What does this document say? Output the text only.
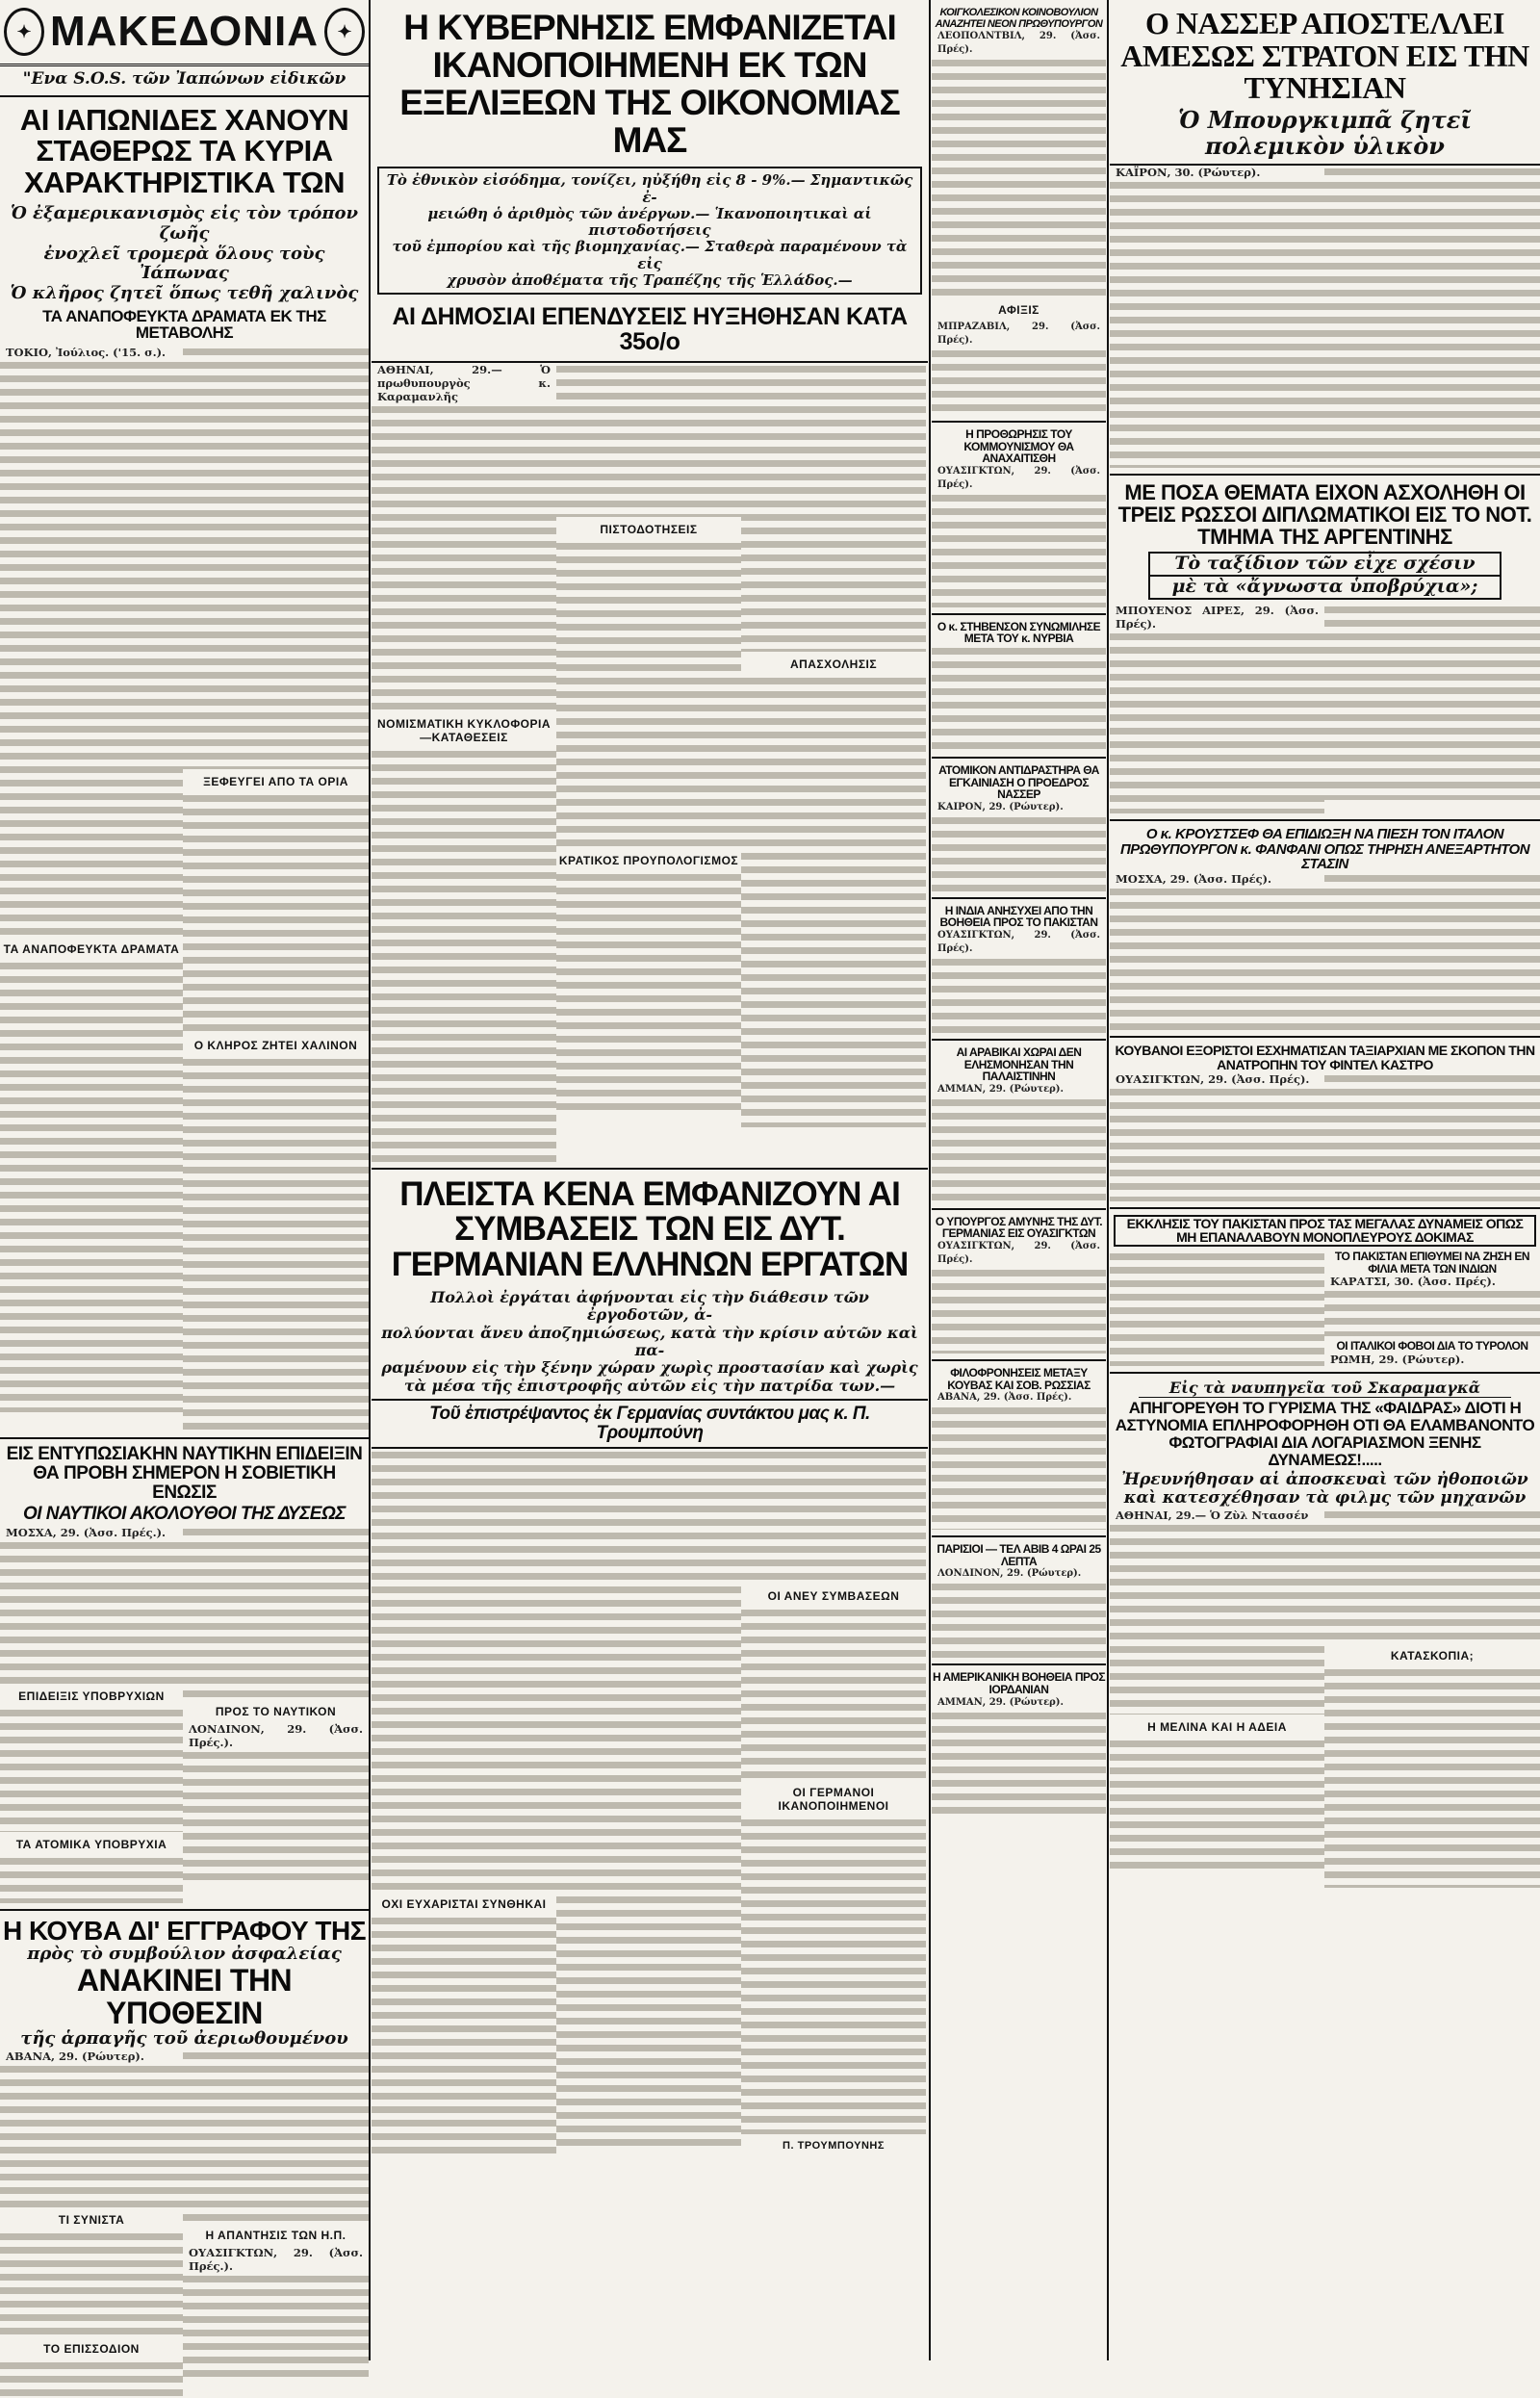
✦ ΜΑΚΕΔΟΝΙΑ	✦
"Ενα S.O.S. τῶν Ἰαπώνων εἰδικῶν
ΑΙ ΙΑΠΩΝΙΔΕΣ ΧΑΝΟΥΝ ΣΤΑΘΕΡΩΣ ΤΑ ΚΥΡΙΑ ΧΑΡΑΚΤΗΡΙΣΤΙΚΑ ΤΩΝ
Ὁ ἐξαμερικανισμὸς εἰς τὸν τρόπον ζωῆς
ἐνοχλεῖ τρομερὰ ὅλους τοὺς Ἰάπωνας
Ὁ κλῆρος ζητεῖ ὅπως τεθῆ χαλινὸς
ΤΑ ΑΝΑΠΟΦΕΥΚΤΑ ΔΡΑΜΑΤΑ ΕΚ ΤΗΣ ΜΕΤΑΒΟΛΗΣ
ΤΟΚΙΟ, Ἰούλιος. ('15. σ.).
ΤΑ ΑΝΑΠΟΦΕΥΚΤΑ ΔΡΑΜΑΤΑ
ΞΕΦΕΥΓΕΙ ΑΠΟ ΤΑ ΟΡΙΑ
Ο ΚΛΗΡΟΣ ΖΗΤΕΙ ΧΑΛΙΝΟΝ
ΕΙΣ ΕΝΤΥΠΩΣΙΑΚΗΝ ΝΑΥΤΙΚΗΝ ΕΠΙΔΕΙΞΙΝ ΘΑ ΠΡΟΒΗ ΣΗΜΕΡΟΝ Η ΣΟΒΙΕΤΙΚΗ ΕΝΩΣΙΣ
ΟΙ ΝΑΥΤΙΚΟΙ ΑΚΟΛΟΥΘΟΙ ΤΗΣ ΔΥΣΕΩΣ
ΜΟΣΧΑ, 29. (Ἀσσ. Πρές.).
ΕΠΙΔΕΙΞΙΣ ΥΠΟΒΡΥΧΙΩΝ
ΤΑ ΑΤΟΜΙΚΑ ΥΠΟΒΡΥΧΙΑ
ΠΡΟΣ ΤΟ ΝΑΥΤΙΚΟΝ
ΛΟΝΔΙΝΟΝ, 29. (Ἀσσ. Πρές.).
Η ΚΟΥΒΑ ΔΙ' ΕΓΓΡΑΦΟΥ ΤΗΣ
πρὸς τὸ συμβούλιον ἀσφαλείας
ΑΝΑΚΙΝΕΙ ΤΗΝ ΥΠΟΘΕΣΙΝ
τῆς ἁρπαγῆς τοῦ ἀεριωθουμένου
ΑΒΑΝΑ, 29. (Ρώυτερ).
ΤΙ ΣΥΝΙΣΤΑ
ΤΟ ΕΠΙΣΣΟΔΙΟΝ
Η ΑΠΑΝΤΗΣΙΣ ΤΩΝ Η.Π.
ΟΥΑΣΙΓΚΤΩΝ, 29. (Ἀσσ. Πρές.).
Η ΚΥΒΕΡΝΗΣΙΣ ΕΜΦΑΝΙΖΕΤΑΙ ΙΚΑΝΟΠΟΙΗΜΕΝΗ ΕΚ ΤΩΝ ΕΞΕΛΙΞΕΩΝ ΤΗΣ ΟΙΚΟΝΟΜΙΑΣ ΜΑΣ
Τὸ ἐθνικὸν εἰσόδημα, τονίζει, ηὐξήθη εἰς 8 - 9%.— Σημαντικῶς ἐ-
μειώθη ὁ ἀριθμὸς τῶν ἀνέργων.— Ἱκανοποιητικαὶ αἱ πιστοδοτήσεις
τοῦ ἐμπορίου καὶ τῆς βιομηχανίας.— Σταθερὰ παραμένουν τὰ εἰς
χρυσὸν ἀποθέματα τῆς Τραπέζης τῆς Ἑλλάδος.—
ΑΙ ΔΗΜΟΣΙΑΙ ΕΠΕΝΔΥΣΕΙΣ ΗΥΞΗΘΗΣΑΝ ΚΑΤΑ 35ο/ο
ΑΘΗΝΑΙ, 29.— Ὁ πρωθυπουργὸς κ. Καραμανλῆς
ΝΟΜΙΣΜΑΤΙΚΗ ΚΥΚΛΟΦΟΡΙΑ—ΚΑΤΑΘΕΣΕΙΣ
ΠΙΣΤΟΔΟΤΗΣΕΙΣ
ΚΡΑΤΙΚΟΣ ΠΡΟΥΠΟΛΟΓΙΣΜΟΣ
ΑΠΑΣΧΟΛΗΣΙΣ
ΠΛΕΙΣΤΑ ΚΕΝΑ ΕΜΦΑΝΙΖΟΥΝ ΑΙ ΣΥΜΒΑΣΕΙΣ ΤΩΝ ΕΙΣ ΔΥΤ. ΓΕΡΜΑΝΙΑΝ ΕΛΛΗΝΩΝ ΕΡΓΑΤΩΝ
Πολλοὶ ἐργάται ἀφήνονται εἰς τὴν διάθεσιν τῶν ἐργοδοτῶν, ἀ-
πολύονται ἄνευ ἀποζημιώσεως, κατὰ τὴν κρίσιν αὐτῶν καὶ πα-
ραμένουν εἰς τὴν ξένην χώραν χωρὶς προστασίαν καὶ χωρὶς
τὰ μέσα τῆς ἐπιστροφῆς αὐτῶν εἰς τὴν πατρίδα των.—
Τοῦ ἐπιστρέψαντος ἐκ Γερμανίας συντάκτου μας κ. Π. Τρουμπούνη
ΟΧΙ ΕΥΧΑΡΙΣΤΑΙ ΣΥΝΘΗΚΑΙ
ΟΙ ΑΝΕΥ ΣΥΜΒΑΣΕΩΝ
ΟΙ ΓΕΡΜΑΝΟΙ ΙΚΑΝΟΠΟΙΗΜΕΝΟΙ
Π. ΤΡΟΥΜΠΟΥΝΗΣ
ΚΟΙΓΚΟΛΕΣΙΚΟΝ ΚΟΙΝΟΒΟΥΛΙΟΝ ΑΝΑΖΗΤΕΙ ΝΕΟΝ ΠΡΩΘΥΠΟΥΡΓΟΝ
ΛΕΟΠΟΛΝΤΒΙΛ, 29. (Ἀσσ. Πρές).
ΑΦΙΞΙΣ
ΜΠΡΑΖΑΒΙΛ, 29. (Ἀσσ. Πρές).
Η ΠΡΟΘΩΡΗΣΙΣ ΤΟΥ ΚΟΜΜΟΥΝΙΣΜΟΥ ΘΑ ΑΝΑΧΑΙΤΙΣΘΗ
ΟΥΑΣΙΓΚΤΩΝ, 29. (Ἀσσ. Πρές).
Ο κ. ΣΤΗΒΕΝΣΟΝ ΣΥΝΩΜΙΛΗΣΕ ΜΕΤΑ ΤΟΥ κ. ΝΥΡΒΙΑ
ΑΤΟΜΙΚΟΝ ΑΝΤΙΔΡΑΣΤΗΡΑ ΘΑ ΕΓΚΑΙΝΙΑΣΗ Ο ΠΡΟΕΔΡΟΣ ΝΑΣΣΕΡ
ΚΑΙΡΟΝ, 29. (Ρώυτερ).
Η ΙΝΔΙΑ ΑΝΗΣΥΧΕΙ ΑΠΟ ΤΗΝ ΒΟΗΘΕΙΑ ΠΡΟΣ ΤΟ ΠΑΚΙΣΤΑΝ
ΟΥΑΣΙΓΚΤΩΝ, 29. (Ἀσσ. Πρές).
ΑΙ ΑΡΑΒΙΚΑΙ ΧΩΡΑΙ ΔΕΝ ΕΛΗΣΜΟΝΗΣΑΝ ΤΗΝ ΠΑΛΑΙΣΤΙΝΗΝ
ΑΜΜΑΝ, 29. (Ρώυτερ).
Ο ΥΠΟΥΡΓΟΣ ΑΜΥΝΗΣ ΤΗΣ ΔΥΤ. ΓΕΡΜΑΝΙΑΣ ΕΙΣ ΟΥΑΣΙΓΚΤΩΝ
ΟΥΑΣΙΓΚΤΩΝ, 29. (Ἀσσ. Πρές).
ΦΙΛΟΦΡΟΝΗΣΕΙΣ ΜΕΤΑΞΥ ΚΟΥΒΑΣ ΚΑΙ ΣΟΒ. ΡΩΣΣΙΑΣ
ΑΒΑΝΑ, 29. (Ἀσσ. Πρές).
ΠΑΡΙΣΙΟΙ — ΤΕΛ ΑΒΙΒ 4 ΩΡΑΙ 25 ΛΕΠΤΑ
ΛΟΝΔΙΝΟΝ, 29. (Ρώυτερ).
Η ΑΜΕΡΙΚΑΝΙΚΗ ΒΟΗΘΕΙΑ ΠΡΟΣ ΙΟΡΔΑΝΙΑΝ
ΑΜΜΑΝ, 29. (Ρώυτερ).
Ο ΝΑΣΣΕΡ ΑΠΟΣΤΕΛΛΕΙ ΑΜΕΣΩΣ ΣΤΡΑΤΟΝ ΕΙΣ ΤΗΝ ΤΥΝΗΣΙΑΝ
Ὁ Μπουργκιμπᾶ ζητεῖ
πολεμικὸν ὑλικὸν
ΚΑΪΡΟΝ, 30. (Ρώυτερ).
ΜΕ ΠΟΣΑ ΘΕΜΑΤΑ ΕΙΧΟΝ ΑΣΧΟΛΗΘΗ ΟΙ ΤΡΕΙΣ ΡΩΣΣΟΙ ΔΙΠΛΩΜΑΤΙΚΟΙ ΕΙΣ ΤΟ ΝΟΤ. ΤΜΗΜΑ ΤΗΣ ΑΡΓΕΝΤΙΝΗΣ
Τὸ ταξίδιον τῶν εἶχε σχέσιν
μὲ τὰ «ἄγνωστα ὑποβρύχια»;
ΜΠΟΥΕΝΟΣ ΑΙΡΕΣ, 29. (Ἀσσ. Πρές).
Ο κ. ΚΡΟΥΣΤΣΕΦ ΘΑ ΕΠΙΔΙΩΞΗ ΝΑ ΠΙΕΣΗ ΤΟΝ ΙΤΑΛΟΝ ΠΡΩΘΥΠΟΥΡΓΟΝ κ. ΦΑΝΦΑΝΙ ΟΠΩΣ ΤΗΡΗΣΗ ΑΝΕΞΑΡΤΗΤΟΝ ΣΤΑΣΙΝ
ΜΟΣΧΑ, 29. (Ἀσσ. Πρές).
ΚΟΥΒΑΝΟΙ ΕΞΟΡΙΣΤΟΙ ΕΣΧΗΜΑΤΙΣΑΝ ΤΑΞΙΑΡΧΙΑΝ ΜΕ ΣΚΟΠΟΝ ΤΗΝ ΑΝΑΤΡΟΠΗΝ ΤΟΥ ΦΙΝΤΕΛ ΚΑΣΤΡΟ
ΟΥΑΣΙΓΚΤΩΝ, 29. (Ἀσσ. Πρές).
ΕΚΚΛΗΣΙΣ ΤΟΥ ΠΑΚΙΣΤΑΝ ΠΡΟΣ ΤΑΣ ΜΕΓΑΛΑΣ ΔΥΝΑΜΕΙΣ ΟΠΩΣ ΜΗ ΕΠΑΝΑΛΑΒΟΥΝ ΜΟΝΟΠΛΕΥΡΟΥΣ ΔΟΚΙΜΑΣ
ΤΟ ΠΑΚΙΣΤΑΝ ΕΠΙΘΥΜΕΙ ΝΑ ΖΗΣΗ ΕΝ ΦΙΛΙΑ ΜΕΤΑ ΤΩΝ ΙΝΔΙΩΝ
ΚΑΡΑΤΣΙ, 30. (Ἀσσ. Πρές).
ΟΙ ΙΤΑΛΙΚΟΙ ΦΟΒΟΙ ΔΙΑ ΤΟ ΤΥΡΟΛΟΝ
ΡΩΜΗ, 29. (Ρώυτερ).
Εἰς τὰ ναυπηγεῖα τοῦ Σκαραμαγκᾶ
ΑΠΗΓΟΡΕΥΘΗ ΤΟ ΓΥΡΙΣΜΑ ΤΗΣ «ΦΑΙΔΡΑΣ» ΔΙΟΤΙ Η ΑΣΤΥΝΟΜΙΑ ΕΠΛΗΡΟΦΟΡΗΘΗ ΟΤΙ ΘΑ ΕΛΑΜΒΑΝΟΝΤΟ ΦΩΤΟΓΡΑΦΙΑΙ ΔΙΑ ΛΟΓΑΡΙΑΣΜΟΝ ΞΕΝΗΣ ΔΥΝΑΜΕΩΣ!.....
Ἠρευνήθησαν αἱ ἀποσκευαὶ τῶν ἠθοποιῶν
καὶ κατεσχέθησαν τὰ φιλμς τῶν μηχανῶν
ΑΘΗΝΑΙ, 29.— Ὁ Ζὺλ Ντασσέν
Η ΜΕΛΙΝΑ ΚΑΙ Η ΑΔΕΙΑ
ΚΑΤΑΣΚΟΠΙΑ;
